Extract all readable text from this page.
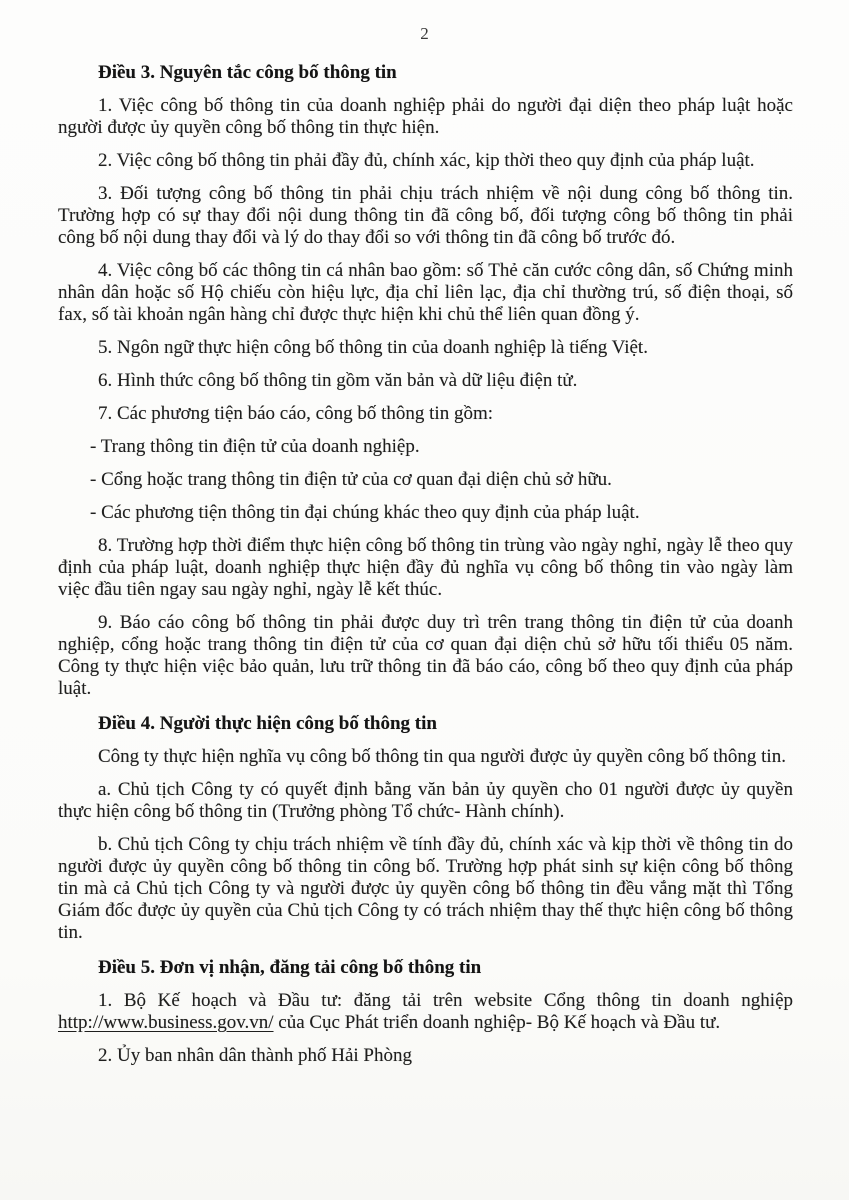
2
Điều 3. Nguyên tắc công bố thông tin

1. Việc công bố thông tin của doanh nghiệp phải do người đại diện theo pháp luật hoặc người được ủy quyền công bố thông tin thực hiện.

2. Việc công bố thông tin phải đầy đủ, chính xác, kịp thời theo quy định của pháp luật.

3. Đối tượng công bố thông tin phải chịu trách nhiệm về nội dung công bố thông tin. Trường hợp có sự thay đổi nội dung thông tin đã công bố, đối tượng công bố thông tin phải công bố nội dung thay đổi và lý do thay đổi so với thông tin đã công bố trước đó.

4. Việc công bố các thông tin cá nhân bao gồm: số Thẻ căn cước công dân, số Chứng minh nhân dân hoặc số Hộ chiếu còn hiệu lực, địa chỉ liên lạc, địa chỉ thường trú, số điện thoại, số fax, số tài khoản ngân hàng chỉ được thực hiện khi chủ thể liên quan đồng ý.

5. Ngôn ngữ thực hiện công bố thông tin của doanh nghiệp là tiếng Việt.

6. Hình thức công bố thông tin gồm văn bản và dữ liệu điện tử.

7. Các phương tiện báo cáo, công bố thông tin gồm:

- Trang thông tin điện tử của doanh nghiệp.

- Cổng hoặc trang thông tin điện tử của cơ quan đại diện chủ sở hữu.

- Các phương tiện thông tin đại chúng khác theo quy định của pháp luật.

8. Trường hợp thời điểm thực hiện công bố thông tin trùng vào ngày nghỉ, ngày lễ theo quy định của pháp luật, doanh nghiệp thực hiện đầy đủ nghĩa vụ công bố thông tin vào ngày làm việc đầu tiên ngay sau ngày nghỉ, ngày lễ kết thúc.

9. Báo cáo công bố thông tin phải được duy trì trên trang thông tin điện tử của doanh nghiệp, cổng hoặc trang thông tin điện tử của cơ quan đại diện chủ sở hữu tối thiểu 05 năm. Công ty thực hiện việc bảo quản, lưu trữ thông tin đã báo cáo, công bố theo quy định của pháp luật.

Điều 4. Người thực hiện công bố thông tin

Công ty thực hiện nghĩa vụ công bố thông tin qua người được ủy quyền công bố thông tin.

a. Chủ tịch Công ty có quyết định bằng văn bản ủy quyền cho 01 người được ủy quyền thực hiện công bố thông tin (Trưởng phòng Tổ chức- Hành chính).

b. Chủ tịch Công ty chịu trách nhiệm về tính đầy đủ, chính xác và kịp thời về thông tin do người được ủy quyền công bố thông tin công bố. Trường hợp phát sinh sự kiện công bố thông tin mà cả Chủ tịch Công ty và người được ủy quyền công bố thông tin đều vắng mặt thì Tổng Giám đốc được ủy quyền của Chủ tịch Công ty có trách nhiệm thay thế thực hiện công bố thông tin.

Điều 5. Đơn vị nhận, đăng tải công bố thông tin

1. Bộ Kế hoạch và Đầu tư: đăng tải trên website Cổng thông tin doanh nghiệp http://www.business.gov.vn/ của Cục Phát triển doanh nghiệp- Bộ Kế hoạch và Đầu tư.

2. Ủy ban nhân dân thành phố Hải Phòng
